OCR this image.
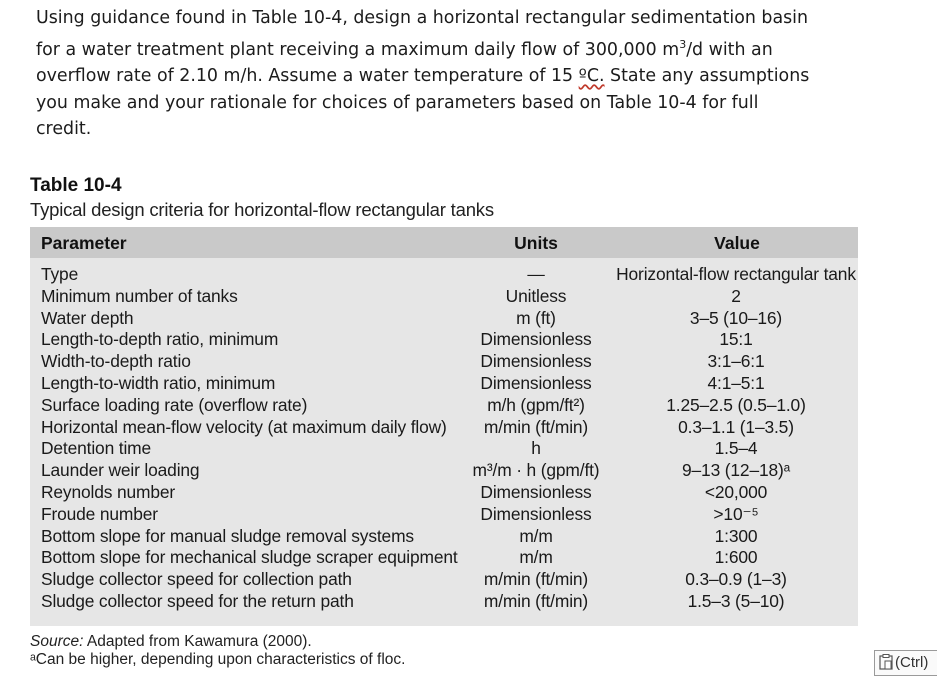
Using guidance found in Table 10-4, design a horizontal rectangular sedimentation basin

for a water treatment plant receiving a maximum daily flow of 300,000 $m^3/d$ with an

overflow rate of 2.10 m/h. Assume a water temperature of 15 ºC. State any assumptions

you make and your rationale for choices of parameters based on Table 10-4 for full

credit.

Table 10-4
Typical design criteria for horizontal-flow rectangular tanks
Parameter	Units	Value
Type	—	Horizontal-flow rectangular tank
Minimum number of tanks	Unitless	2
Water depth	m (ft)	3–5 (10–16)
Length-to-depth ratio, minimum	Dimensionless	15:1
Width-to-depth ratio	Dimensionless	3:1–6:1
Length-to-width ratio, minimum	Dimensionless	4:1–5:1
Surface loading rate (overflow rate)	m/h (gpm/ft²)	1.25–2.5 (0.5–1.0)
Horizontal mean-flow velocity (at maximum daily flow)	m/min (ft/min)	0.3–1.1 (1–3.5)
Detention time	h	1.5–4
Launder weir loading	m³/m · h (gpm/ft)	9–13 (12–18)ᵃ
Reynolds number	Dimensionless	<20,000
Froude number	Dimensionless	>10⁻⁵
Bottom slope for manual sludge removal systems	m/m	1:300
Bottom slope for mechanical sludge scraper equipment	m/m	1:600
Sludge collector speed for collection path	m/min (ft/min)	0.3–0.9 (1–3)
Sludge collector speed for the return path	m/min (ft/min)	1.5–3 (5–10)
Source: Adapted from Kawamura (2000).
ᵃCan be higher, depending upon characteristics of floc.	(Ctrl)
